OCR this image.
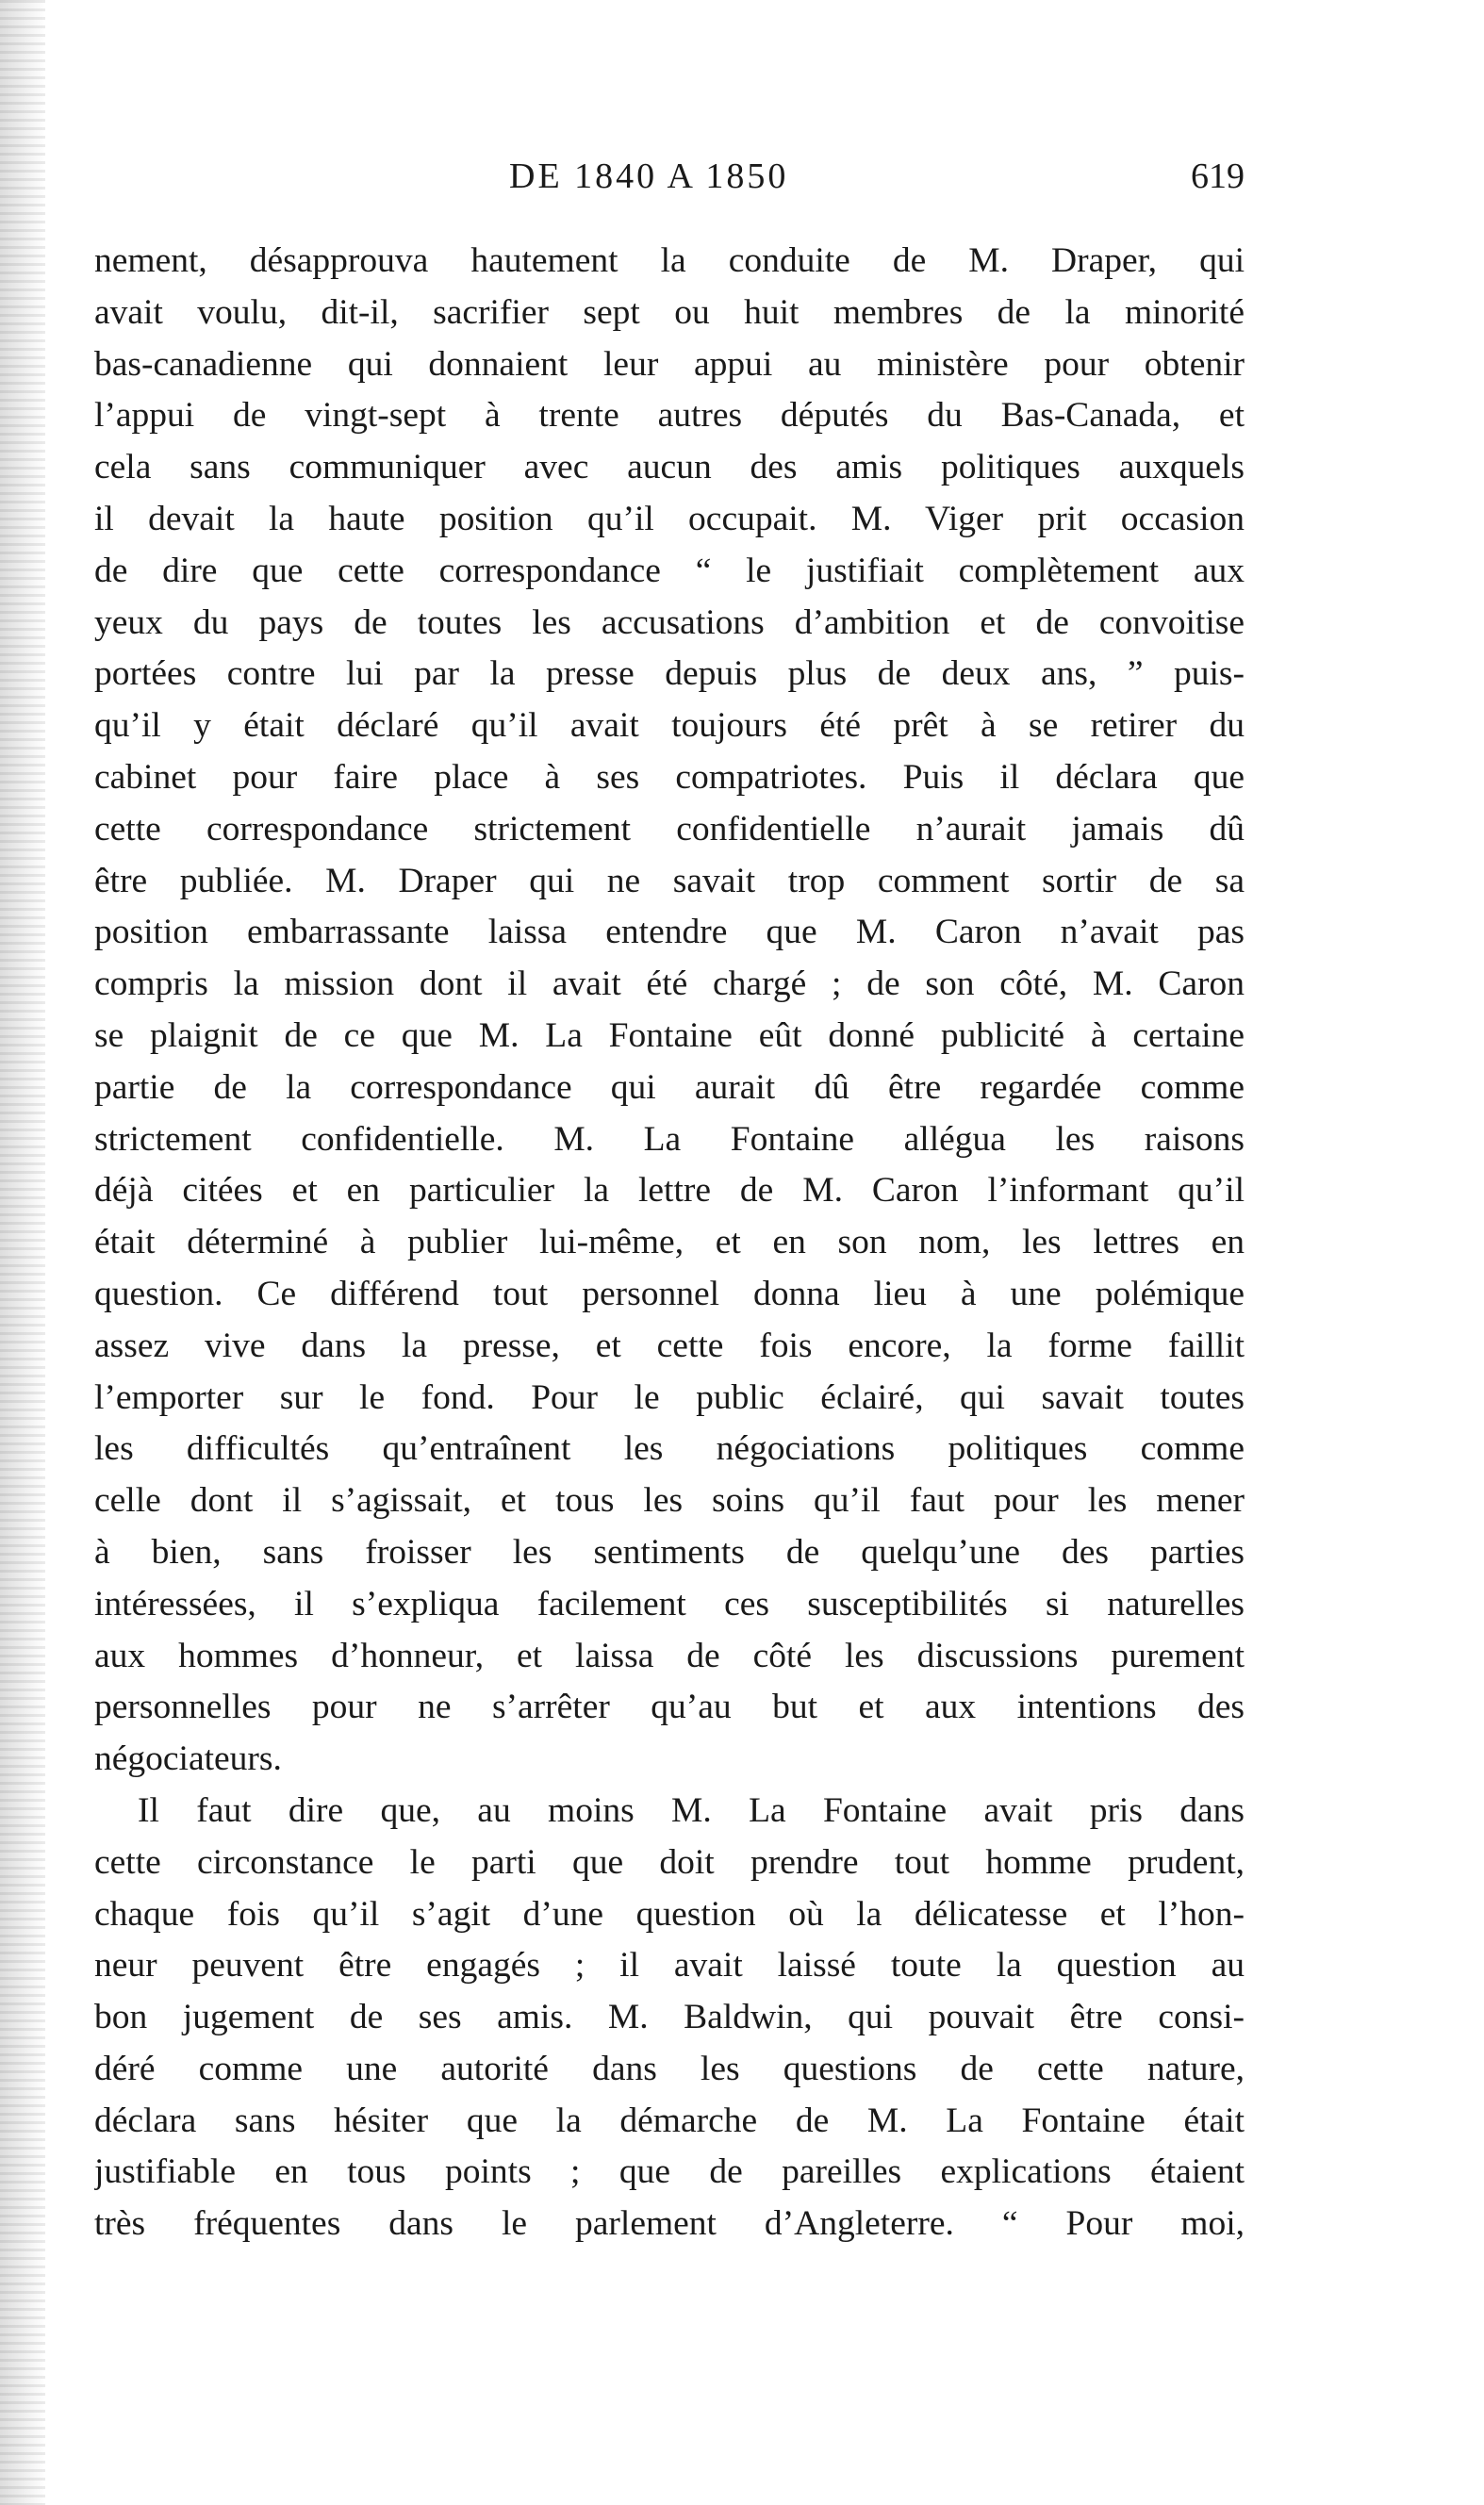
DE 1840 A 1850	619
nement, désapprouva hautement la conduite de M. Draper, qui
avait voulu, dit-il, sacrifier sept ou huit membres de la minorité
bas-canadienne qui donnaient leur appui au ministère pour obtenir
l’appui de vingt-sept à trente autres députés du Bas-Canada, et
cela sans communiquer avec aucun des amis politiques auxquels
il devait la haute position qu’il occupait. M. Viger prit occasion
de dire que cette correspondance “ le justifiait complètement aux
yeux du pays de toutes les accusations d’ambition et de convoitise
portées contre lui par la presse depuis plus de deux ans, ” puis-
qu’il y était déclaré qu’il avait toujours été prêt à se retirer du
cabinet pour faire place à ses compatriotes. Puis il déclara que
cette correspondance strictement confidentielle n’aurait jamais dû
être publiée. M. Draper qui ne savait trop comment sortir de sa
position embarrassante laissa entendre que M. Caron n’avait pas
compris la mission dont il avait été chargé ; de son côté, M. Caron
se plaignit de ce que M. La Fontaine eût donné publicité à certaine
partie de la correspondance qui aurait dû être regardée comme
strictement confidentielle. M. La Fontaine allégua les raisons
déjà citées et en particulier la lettre de M. Caron l’informant qu’il
était déterminé à publier lui-même, et en son nom, les lettres en
question. Ce différend tout personnel donna lieu à une polémique
assez vive dans la presse, et cette fois encore, la forme faillit
l’emporter sur le fond. Pour le public éclairé, qui savait toutes
les difficultés qu’entraînent les négociations politiques comme
celle dont il s’agissait, et tous les soins qu’il faut pour les mener
à bien, sans froisser les sentiments de quelqu’une des parties
intéressées, il s’expliqua facilement ces susceptibilités si naturelles
aux hommes d’honneur, et laissa de côté les discussions purement
personnelles pour ne s’arrêter qu’au but et aux intentions des
négociateurs.
Il faut dire que, au moins M. La Fontaine avait pris dans
cette circonstance le parti que doit prendre tout homme prudent,
chaque fois qu’il s’agit d’une question où la délicatesse et l’hon-
neur peuvent être engagés ; il avait laissé toute la question au
bon jugement de ses amis. M. Baldwin, qui pouvait être consi-
déré comme une autorité dans les questions de cette nature,
déclara sans hésiter que la démarche de M. La Fontaine était
justifiable en tous points ; que de pareilles explications étaient
très fréquentes dans le parlement d’Angleterre. “ Pour moi,
